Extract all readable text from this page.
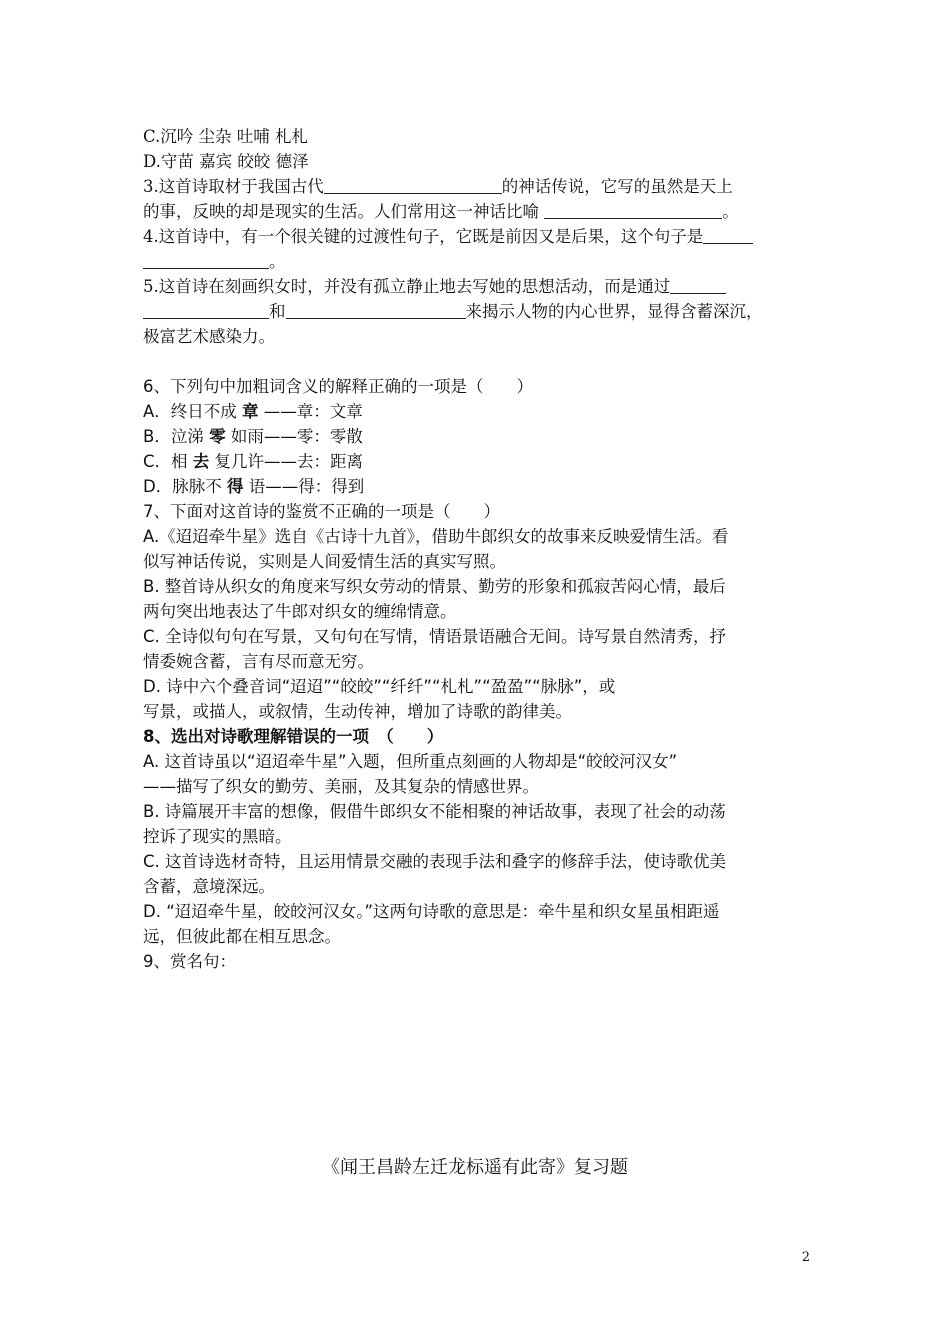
C.沉吟 尘杂 吐哺 札札
D.守苗 嘉宾 皎皎 德泽
3.这首诗取材于我国古代	的神话传说，它写的虽然是天上
的事，反映的却是现实的生活。人们常用这一神话比喻	。
4.这首诗中，有一个很关键的过渡性句子，它既是前因又是后果，这个句子是
。
5.这首诗在刻画织女时，并没有孤立静止地去写她的思想活动，而是通过
和	来揭示人物的内心世界，显得含蓄深沉，
极富艺术感染力。
6、下列句中加粗词含义的解释正确的一项是（　　）
A．终日不成 章 ——章：文章
B．泣涕 零 如雨——零：零散
C．相 去 复几许——去：距离
D．脉脉不 得 语——得：得到
7、下面对这首诗的鉴赏不正确的一项是（　　）
A.《迢迢牵牛星》选自《古诗十九首》，借助牛郎织女的故事来反映爱情生活。看
似写神话传说，实则是人间爱情生活的真实写照。
B. 整首诗从织女的角度来写织女劳动的情景、勤劳的形象和孤寂苦闷心情，最后
两句突出地表达了牛郎对织女的缠绵情意。
C. 全诗似句句在写景，又句句在写情，情语景语融合无间。诗写景自然清秀，抒
情委婉含蓄，言有尽而意无穷。
D. 诗中六个叠音词“迢迢”“皎皎”“纤纤”“札札”“盈盈”“脉脉”，或
写景，或描人，或叙情，生动传神，增加了诗歌的韵律美。
8、选出对诗歌理解错误的一项　（　　）
A. 这首诗虽以“迢迢牵牛星”入题，但所重点刻画的人物却是“皎皎河汉女”
——描写了织女的勤劳、美丽，及其复杂的情感世界。
B. 诗篇展开丰富的想像，假借牛郎织女不能相聚的神话故事，表现了社会的动荡
控诉了现实的黑暗。
C. 这首诗选材奇特，且运用情景交融的表现手法和叠字的修辞手法，使诗歌优美
含蓄，意境深远。
D. “迢迢牵牛星，皎皎河汉女。”这两句诗歌的意思是：牵牛星和织女星虽相距遥
远，但彼此都在相互思念。
9、赏名句：
《闻王昌龄左迁龙标遥有此寄》复习题
2
